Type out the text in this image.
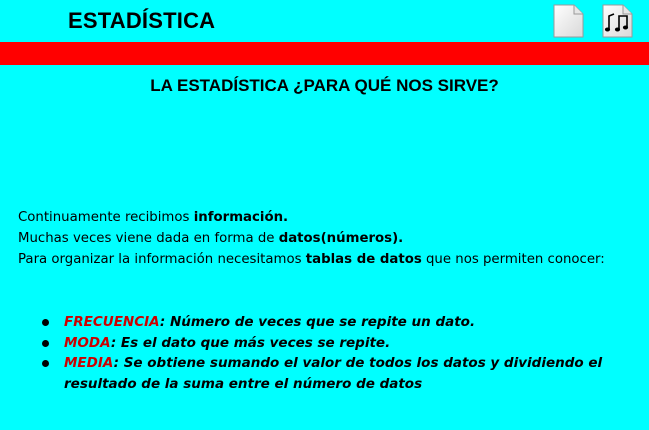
ESTADÍSTICA
LA ESTADÍSTICA ¿PARA QUÉ NOS SIRVE?

Continuamente recibimos información.

Muchas veces viene dada en forma de datos(números).

Para organizar la información necesitamos tablas de datos que nos permiten conocer:

FRECUENCIA: Número de veces que se repite un dato.
MODA: Es el dato que más veces se repite.
MEDIA: Se obtiene sumando el valor de todos los datos y dividiendo el resultado de la suma entre el número de datos
